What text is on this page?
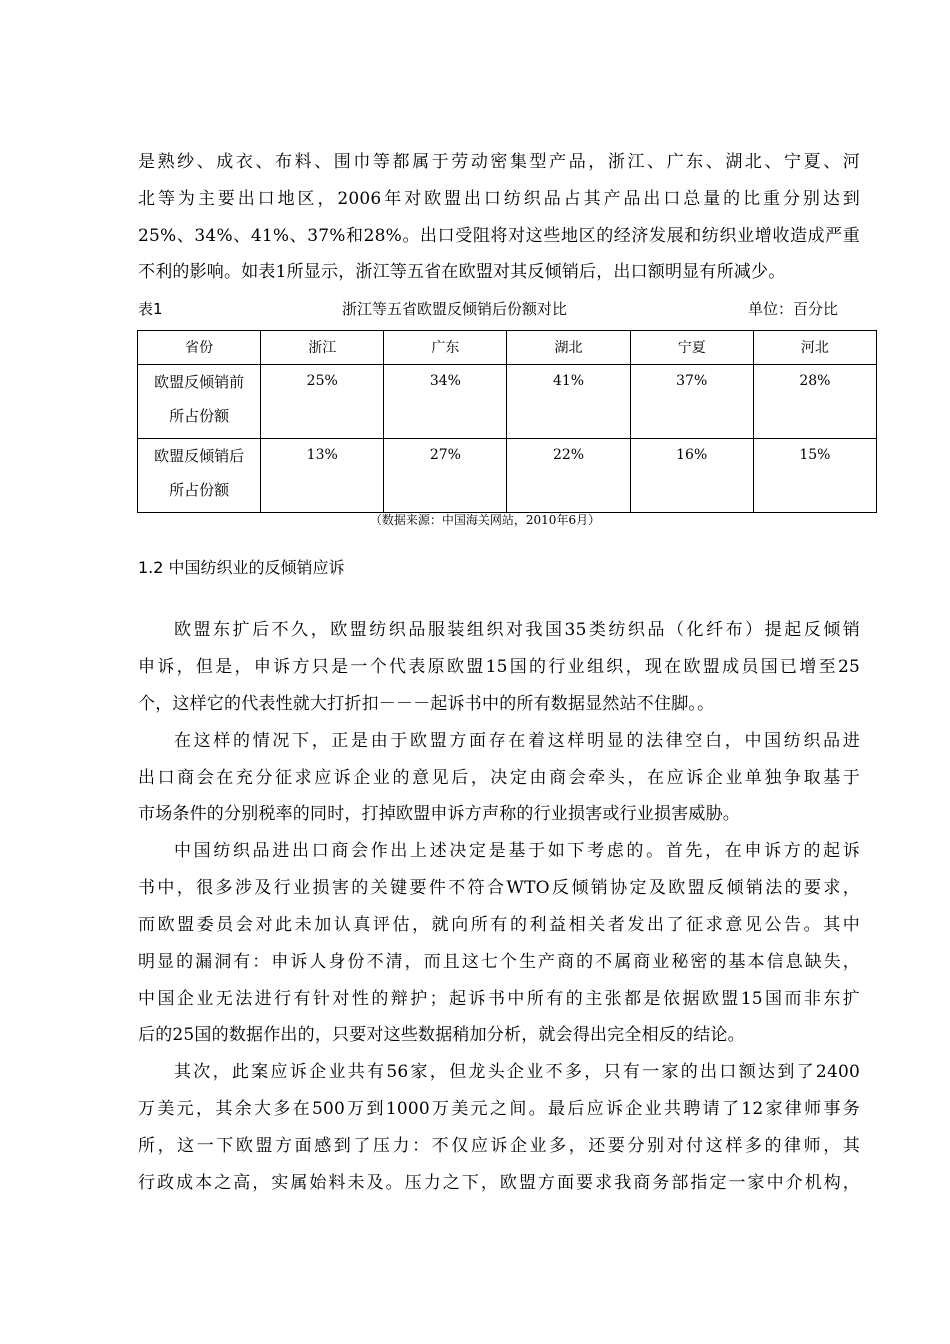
是熟纱、成衣、布料、围巾等都属于劳动密集型产品，浙江、广东、湖北、宁夏、河
北等为主要出口地区，2006年对欧盟出口纺织品占其产品出口总量的比重分别达到
25%、34%、41%、37%和28%。出口受阻将对这些地区的经济发展和纺织业增收造成严重
不利的影响。如表1所显示，浙江等五省在欧盟对其反倾销后，出口额明显有所减少。
表1	浙江等五省欧盟反倾销后份额对比	单位：百分比
省份	浙江	广东	湖北	宁夏	河北

欧盟反倾销前
所占份额	25%	34%	41%	37%	28%

欧盟反倾销后
所占份额	13%	27%	22%	16%	15%
（数据来源：中国海关网站，2010年6月）
1.2 中国纺织业的反倾销应诉
欧盟东扩后不久，欧盟纺织品服装组织对我国35类纺织品（化纤布）提起反倾销
申诉，但是，申诉方只是一个代表原欧盟15国的行业组织，现在欧盟成员国已增至25
个，这样它的代表性就大打折扣－－－起诉书中的所有数据显然站不住脚。。
在这样的情况下，正是由于欧盟方面存在着这样明显的法律空白，中国纺织品进
出口商会在充分征求应诉企业的意见后，决定由商会牵头，在应诉企业单独争取基于
市场条件的分别税率的同时，打掉欧盟申诉方声称的行业损害或行业损害威胁。
中国纺织品进出口商会作出上述决定是基于如下考虑的。首先，在申诉方的起诉
书中，很多涉及行业损害的关键要件不符合WTO反倾销协定及欧盟反倾销法的要求，
而欧盟委员会对此未加认真评估，就向所有的利益相关者发出了征求意见公告。其中
明显的漏洞有：申诉人身份不清，而且这七个生产商的不属商业秘密的基本信息缺失，
中国企业无法进行有针对性的辩护；起诉书中所有的主张都是依据欧盟15国而非东扩
后的25国的数据作出的，只要对这些数据稍加分析，就会得出完全相反的结论。
其次，此案应诉企业共有56家，但龙头企业不多，只有一家的出口额达到了2400
万美元，其余大多在500万到1000万美元之间。最后应诉企业共聘请了12家律师事务
所，这一下欧盟方面感到了压力：不仅应诉企业多，还要分别对付这样多的律师，其
行政成本之高，实属始料未及。压力之下，欧盟方面要求我商务部指定一家中介机构，
